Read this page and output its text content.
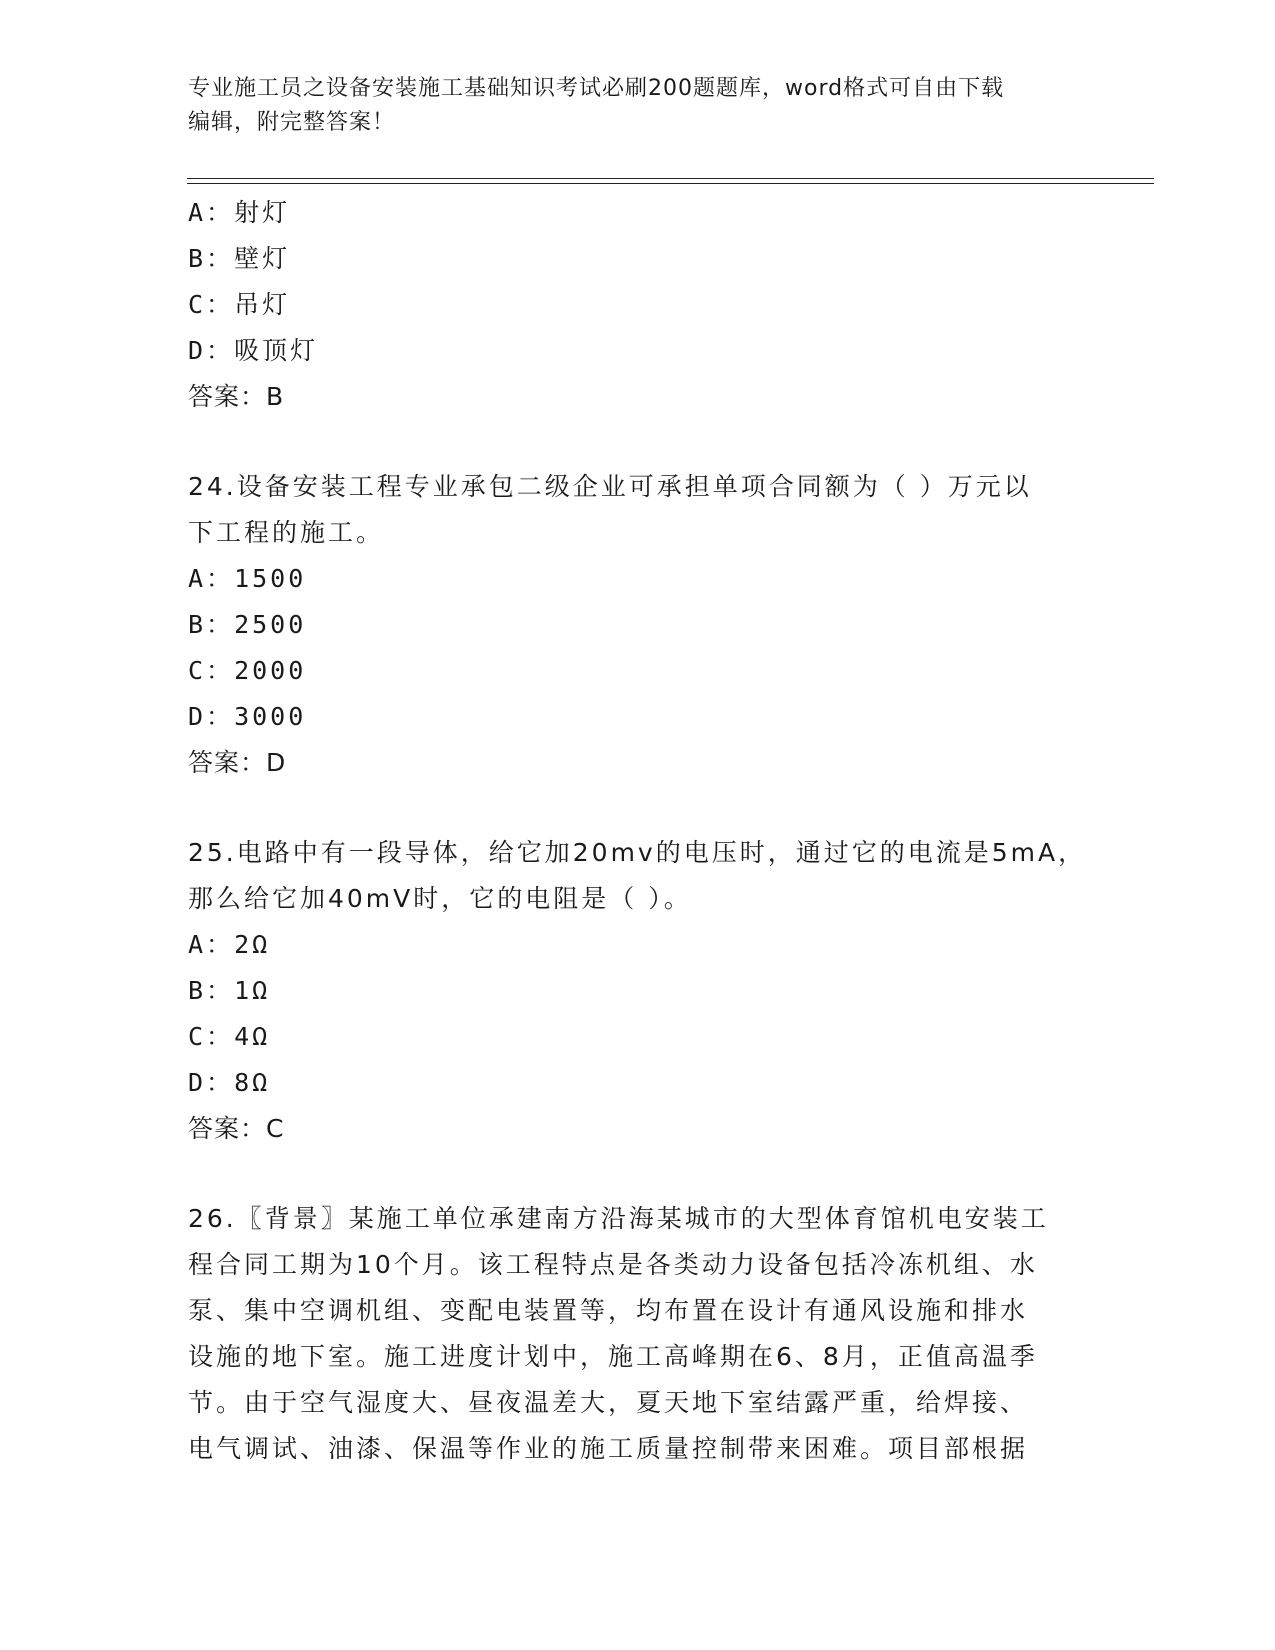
专业施工员之设备安装施工基础知识考试必刷200题题库，word格式可自由下载
编辑，附完整答案！
A：射灯
B：壁灯
C：吊灯
D：吸顶灯
答案：B
24.设备安装工程专业承包二级企业可承担单项合同额为（ ）万元以
下工程的施工。
A：1500
B：2500
C：2000
D：3000
答案：D
25.电路中有一段导体，给它加20mv的电压时，通过它的电流是5mA，
那么给它加40mV时，它的电阻是（ ）。
A：2Ω
B：1Ω
C：4Ω
D：8Ω
答案：C
26.〖背景〗某施工单位承建南方沿海某城市的大型体育馆机电安装工
程合同工期为10个月。该工程特点是各类动力设备包括冷冻机组、水
泵、集中空调机组、变配电装置等，均布置在设计有通风设施和排水
设施的地下室。施工进度计划中，施工高峰期在6、8月，正值高温季
节。由于空气湿度大、昼夜温差大，夏天地下室结露严重，给焊接、
电气调试、油漆、保温等作业的施工质量控制带来困难。项目部根据
